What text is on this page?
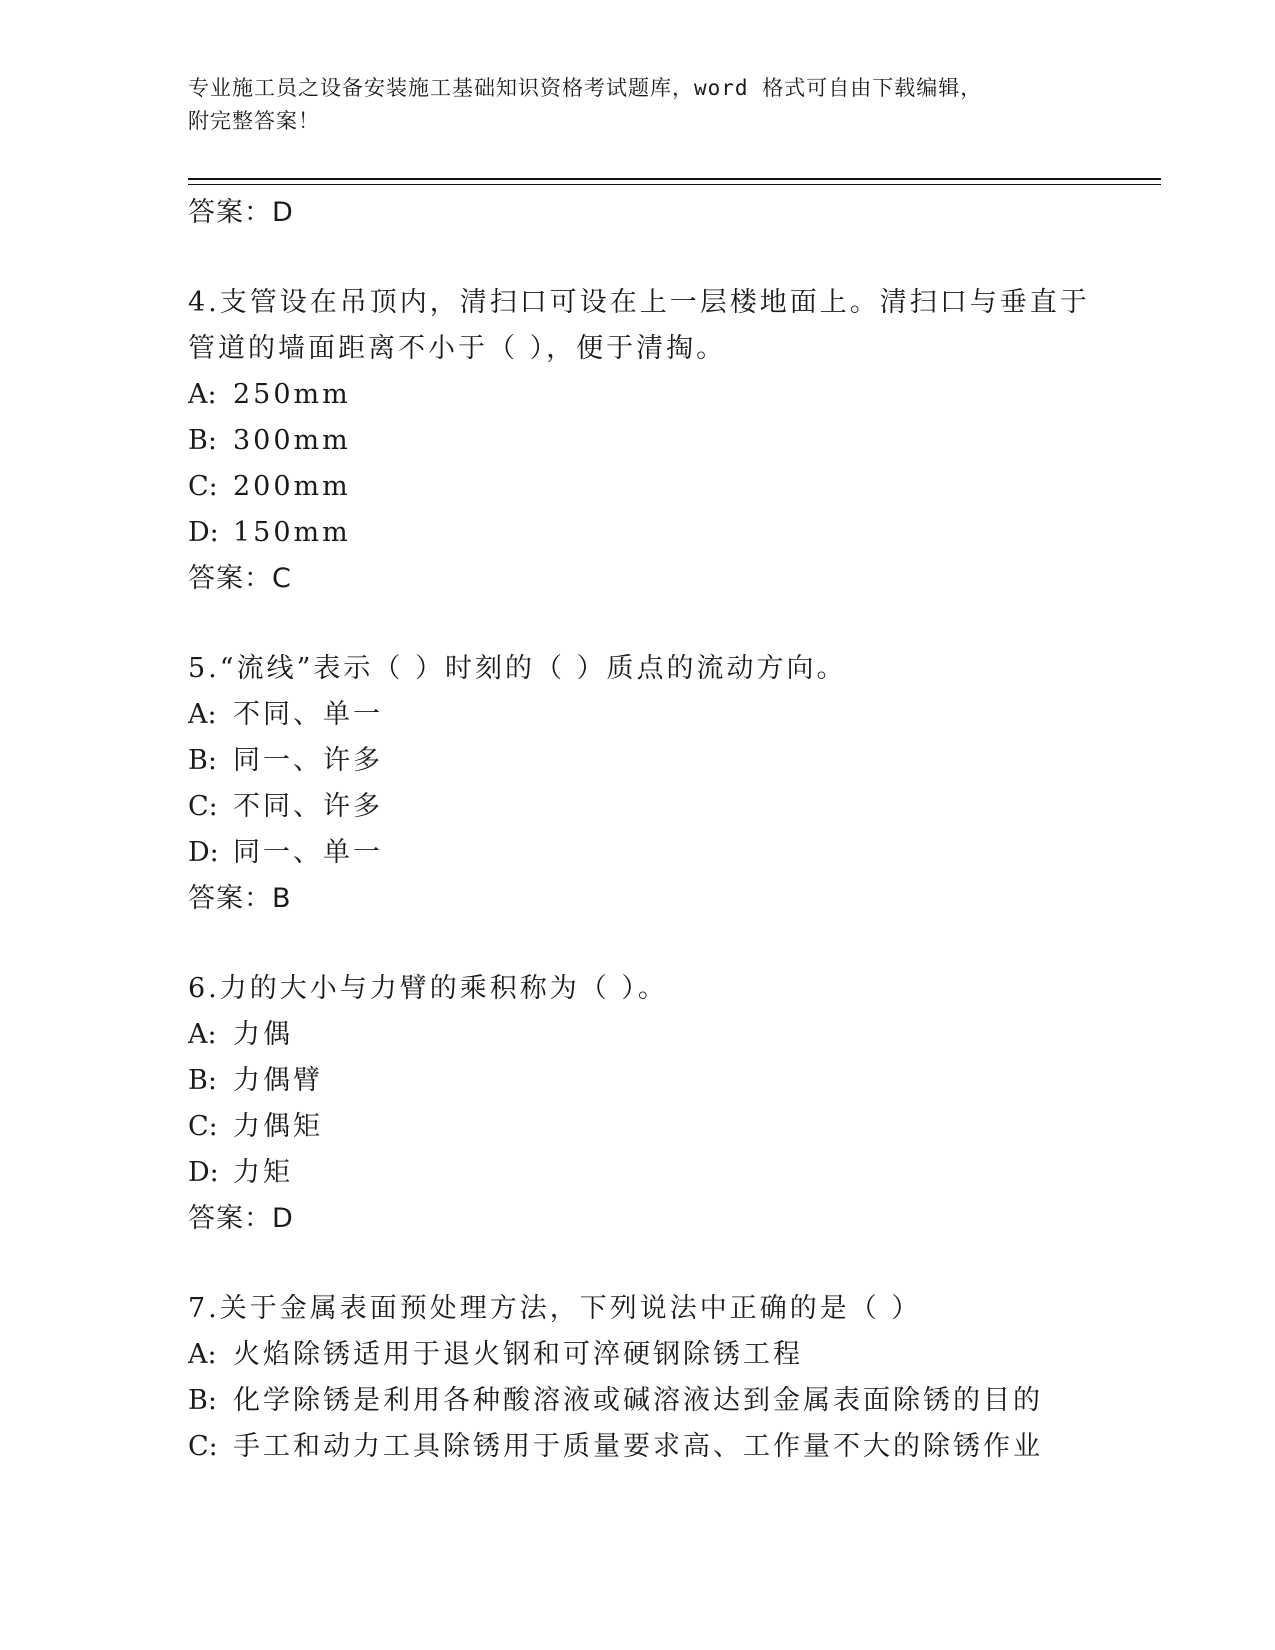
专业施工员之设备安装施工基础知识资格考试题库，word 格式可自由下载编辑，
附完整答案！
答案：D
4.支管设在吊顶内，清扫口可设在上一层楼地面上。清扫口与垂直于
管道的墙面距离不小于（ ），便于清掏。
A: 250mm
B: 300mm
C: 200mm
D: 150mm
答案：C
5.“流线”表示（ ）时刻的（ ）质点的流动方向。
A: 不同、单一
B: 同一、许多
C: 不同、许多
D: 同一、单一
答案：B
6.力的大小与力臂的乘积称为（ ）。
A: 力偶
B: 力偶臂
C: 力偶矩
D: 力矩
答案：D
7.关于金属表面预处理方法，下列说法中正确的是（ ）
A: 火焰除锈适用于退火钢和可淬硬钢除锈工程
B: 化学除锈是利用各种酸溶液或碱溶液达到金属表面除锈的目的
C: 手工和动力工具除锈用于质量要求高、工作量不大的除锈作业
